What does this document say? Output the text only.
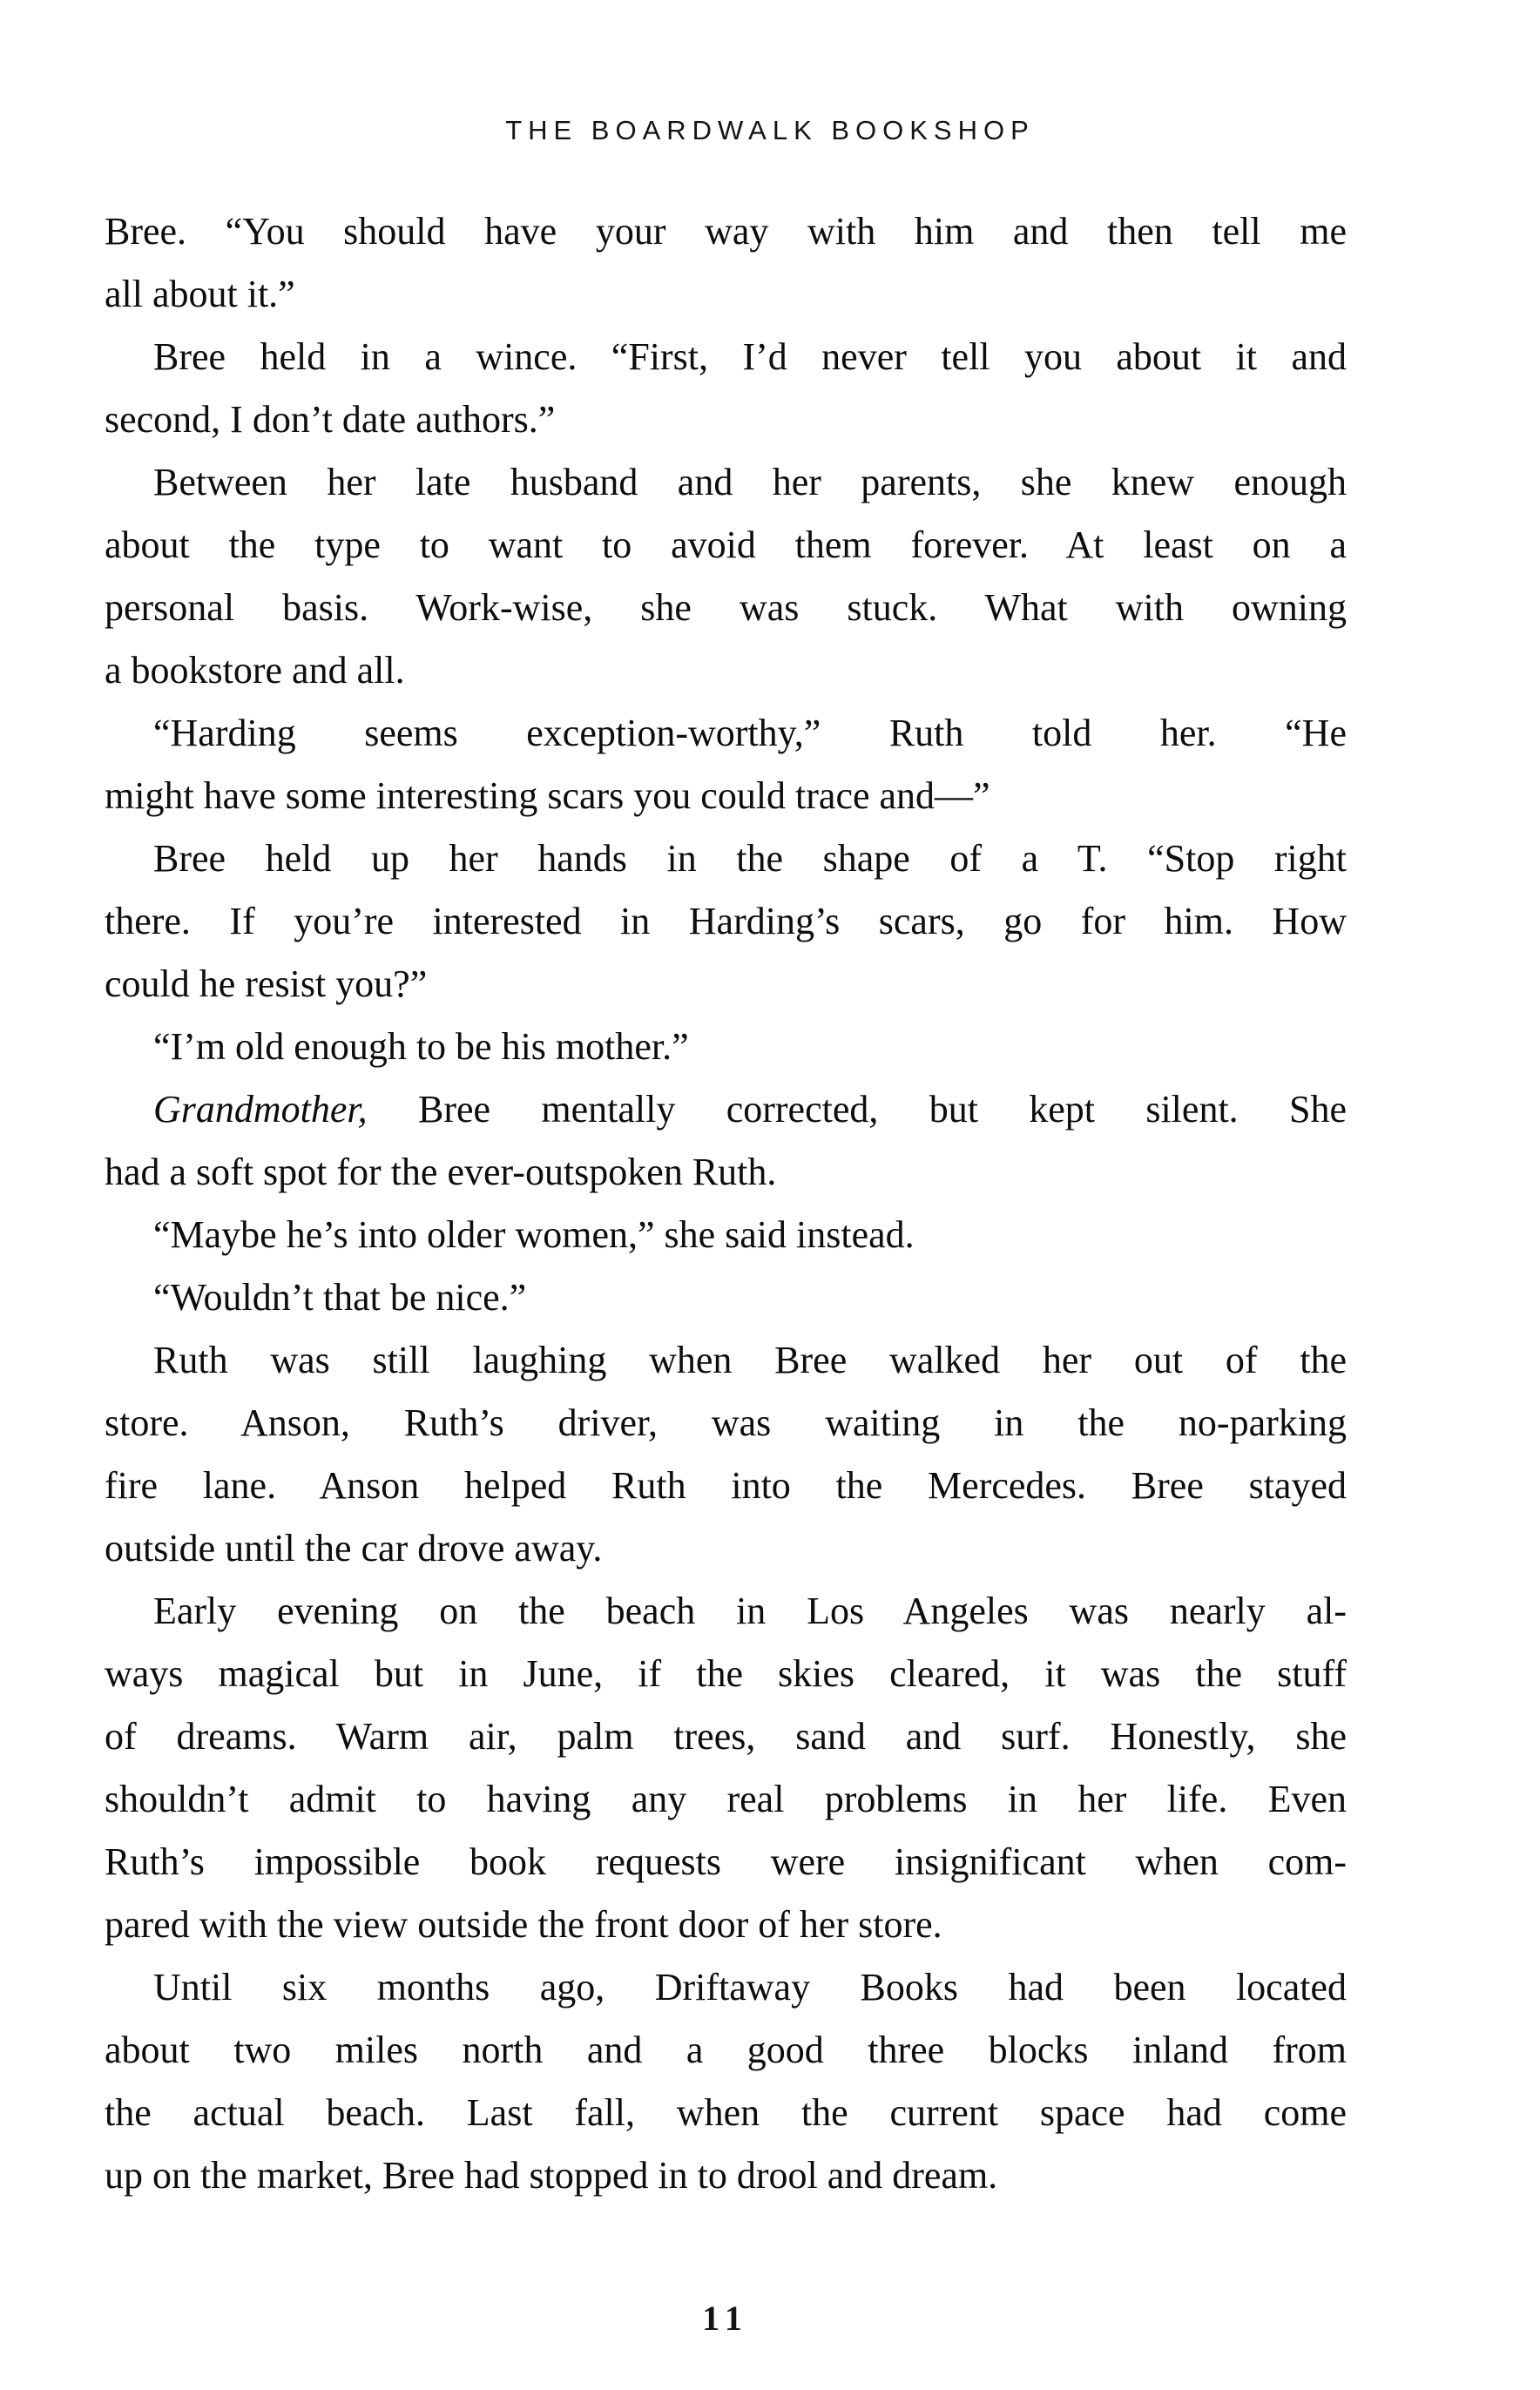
THE BOARDWALK BOOKSHOP
Bree. “You should have your way with him and then tell me
all about it.”
Bree held in a wince. “First, I’d never tell you about it and
second, I don’t date authors.”
Between her late husband and her parents, she knew enough
about the type to want to avoid them forever. At least on a
personal basis. Work-wise, she was stuck. What with owning
a bookstore and all.
“Harding seems exception-worthy,” Ruth told her. “He
might have some interesting scars you could trace and—”
Bree held up her hands in the shape of a T. “Stop right
there. If you’re interested in Harding’s scars, go for him. How
could he resist you?”
“I’m old enough to be his mother.”
Grandmother, Bree mentally corrected, but kept silent. She
had a soft spot for the ever-outspoken Ruth.
“Maybe he’s into older women,” she said instead.
“Wouldn’t that be nice.”
Ruth was still laughing when Bree walked her out of the
store. Anson, Ruth’s driver, was waiting in the no-parking
fire lane. Anson helped Ruth into the Mercedes. Bree stayed
outside until the car drove away.
Early evening on the beach in Los Angeles was nearly al-
ways magical but in June, if the skies cleared, it was the stuff
of dreams. Warm air, palm trees, sand and surf. Honestly, she
shouldn’t admit to having any real problems in her life. Even
Ruth’s impossible book requests were insignificant when com-
pared with the view outside the front door of her store.
Until six months ago, Driftaway Books had been located
about two miles north and a good three blocks inland from
the actual beach. Last fall, when the current space had come
up on the market, Bree had stopped in to drool and dream.
11
